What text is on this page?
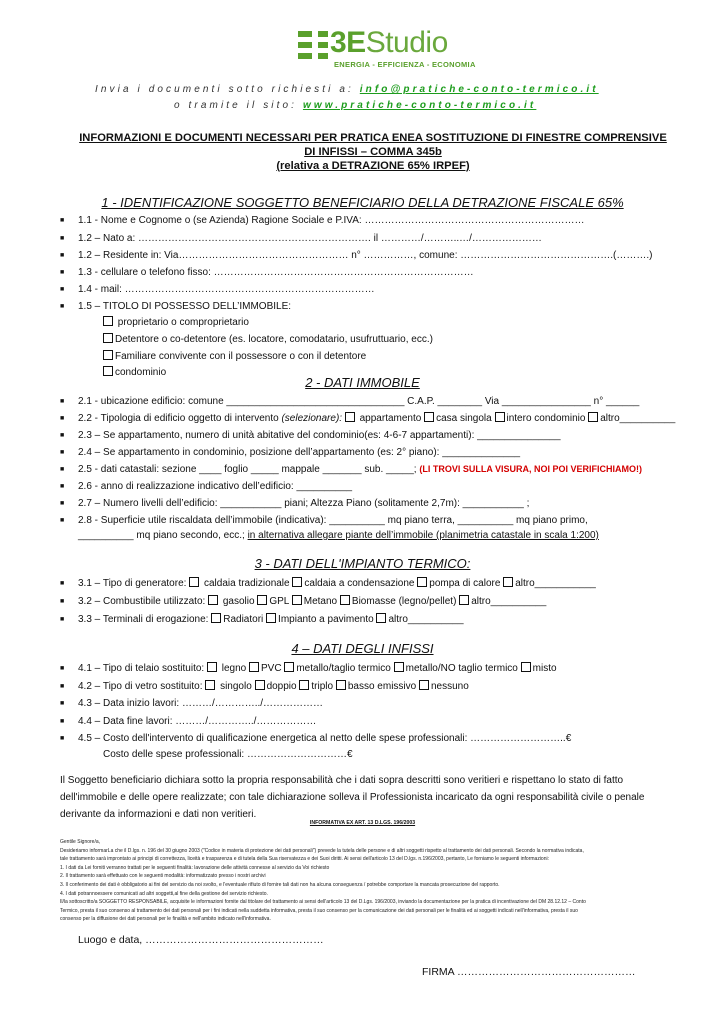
3EStudio
ENERGIA - EFFICIENZA - ECONOMIA
Invia i documenti sotto richiesti a: info@pratiche-conto-termico.it
o tramite il sito: www.pratiche-conto-termico.it
INFORMAZIONI E DOCUMENTI NECESSARI PER PRATICA ENEA SOSTITUZIONE DI FINESTRE COMPRENSIVE DI INFISSI – COMMA 345b
(relativa a DETRAZIONE 65% IRPEF)
1 - IDENTIFICAZIONE SOGGETTO BENEFICIARIO DELLA DETRAZIONE FISCALE 65%
■ 1.1 - Nome e Cognome o (se Azienda) Ragione Sociale e P.IVA: …………………………………………………………
■ 1.2 – Nato a: ……………………………………………………………. il …………/………..…/…………………
■ 1.2 – Residente in: Via…………………………………………… n° ……………, comune: ……………………………………….(……….)
■ 1.3 - cellulare o telefono fisso: ……………………………………………………………………
■ 1.4 - mail: …………………………………………………………………
■ 1.5 – TITOLO DI POSSESSO DELL’IMMOBILE:
proprietario o comproprietario
Detentore o co-detentore (es. locatore, comodatario, usufruttuario, ecc.)
Familiare convivente con il possessore o con il detentore
condominio
2 - DATI IMMOBILE
■ 2.1 - ubicazione edificio: comune ________________________________ C.A.P. ________ Via ________________ n° ______
■ 2.2 - Tipologia di edificio oggetto di intervento (selezionare): appartamento casa singola intero condominio altro__________
■ 2.3 – Se appartamento, numero di unità abitative del condominio(es: 4-6-7 appartamenti): _______________
■ 2.4 – Se appartamento in condominio, posizione dell’appartamento (es: 2° piano): ______________
■ 2.5 - dati catastali: sezione ____ foglio _____ mappale _______ sub. _____; (LI TROVI SULLA VISURA, NOI POI VERIFICHIAMO!)
■ 2.6 - anno di realizzazione indicativo dell’edificio: __________
■ 2.7 – Numero livelli dell’edificio: ___________ piani; Altezza Piano (solitamente 2,7m): ___________ ;
■ 2.8 - Superficie utile riscaldata dell’immobile (indicativa): __________ mq piano terra, __________ mq piano primo,
__________ mq piano secondo, ecc.; in alternativa allegare piante dell’immobile (planimetria catastale in scala 1:200)
3 - DATI DELL'IMPIANTO TERMICO:
■ 3.1 – Tipo di generatore: caldaia tradizionale caldaia a condensazione pompa di calore altro___________
■ 3.2 – Combustibile utilizzato: gasolio GPL Metano Biomasse (legno/pellet) altro__________
■ 3.3 – Terminali di erogazione: Radiatori Impianto a pavimento altro__________
4 – DATI DEGLI INFISSI
■ 4.1 – Tipo di telaio sostituito: legno PVC metallo/taglio termico metallo/NO taglio termico misto
■ 4.2 – Tipo di vetro sostituito: singolo doppio triplo basso emissivo nessuno
■ 4.3 – Data inizio lavori: ………/…………../………………
■ 4.4 – Data fine lavori: ………/…………../………………
■ 4.5 – Costo dell'intervento di qualificazione energetica al netto delle spese professionali: ………………………..€
Costo delle spese professionali: …………………………€
Il Soggetto beneficiario dichiara sotto la propria responsabilità che i dati sopra descritti sono veritieri e rispettano lo stato di fatto dell'immobile e delle opere realizzate; con tale dichiarazione solleva il Professionista incaricato da ogni responsabilità civile o penale derivante da informazioni e dati non veritieri.
INFORMATIVA EX ART. 13 D.LGS. 196/2003
Gentile Signore/a,
Desideriamo informarLa che il D.lgs. n. 196 del 30 giugno 2003 ("Codice in materia di protezione dei dati personali") prevede la tutela delle persone e di altri soggetti rispetto al trattamento dei dati personali. Secondo la normativa indicata,
tale trattamento sarà improntato ai principi di correttezza, liceità e trasparenza e di tutela della Sua riservatezza e dei Suoi diritti. Ai sensi dell'articolo 13 del D.lgs. n.196/2003, pertanto, Le forniamo le seguenti informazioni:
1. I dati da Lei forniti verranno trattati per le seguenti finalità: lavorazione delle attività connesse al servizio da Voi richiesto
2. Il trattamento sarà effettuato con le seguenti modalità: informatizzato presso i nostri archivi
3. Il conferimento dei dati è obbligatorio ai fini del servizio da noi svolto, e l'eventuale rifiuto di fornire tali dati non ha alcuna conseguenza / potrebbe comportare la mancata prosecuzione del rapporto.
4. I dati potrannoessere comunicati ad altri soggetti,al fine della gestione del servizio richiesto.
Il/la sottoscritto/a SOGGETTO RESPONSABILE, acquisite le informazioni fornite dal titolare del trattamento ai sensi dell'articolo 13 del D.Lgs. 196/2003, inviando la documentazione per la pratica di incentivazione del DM 28.12.12 – Conto
Termico, presta il suo consenso al trattamento dei dati personali per i fini indicati nella suddetta informativa, presta il suo consenso per la comunicazione dei dati personali per le finalità ed ai soggetti indicati nell'informativa, presta il suo
consenso per la diffusione dei dati personali per le finalità e nell'ambito indicato nell'informativa.
Luogo e data, ……………………………………………
FIRMA ……………………………………………
